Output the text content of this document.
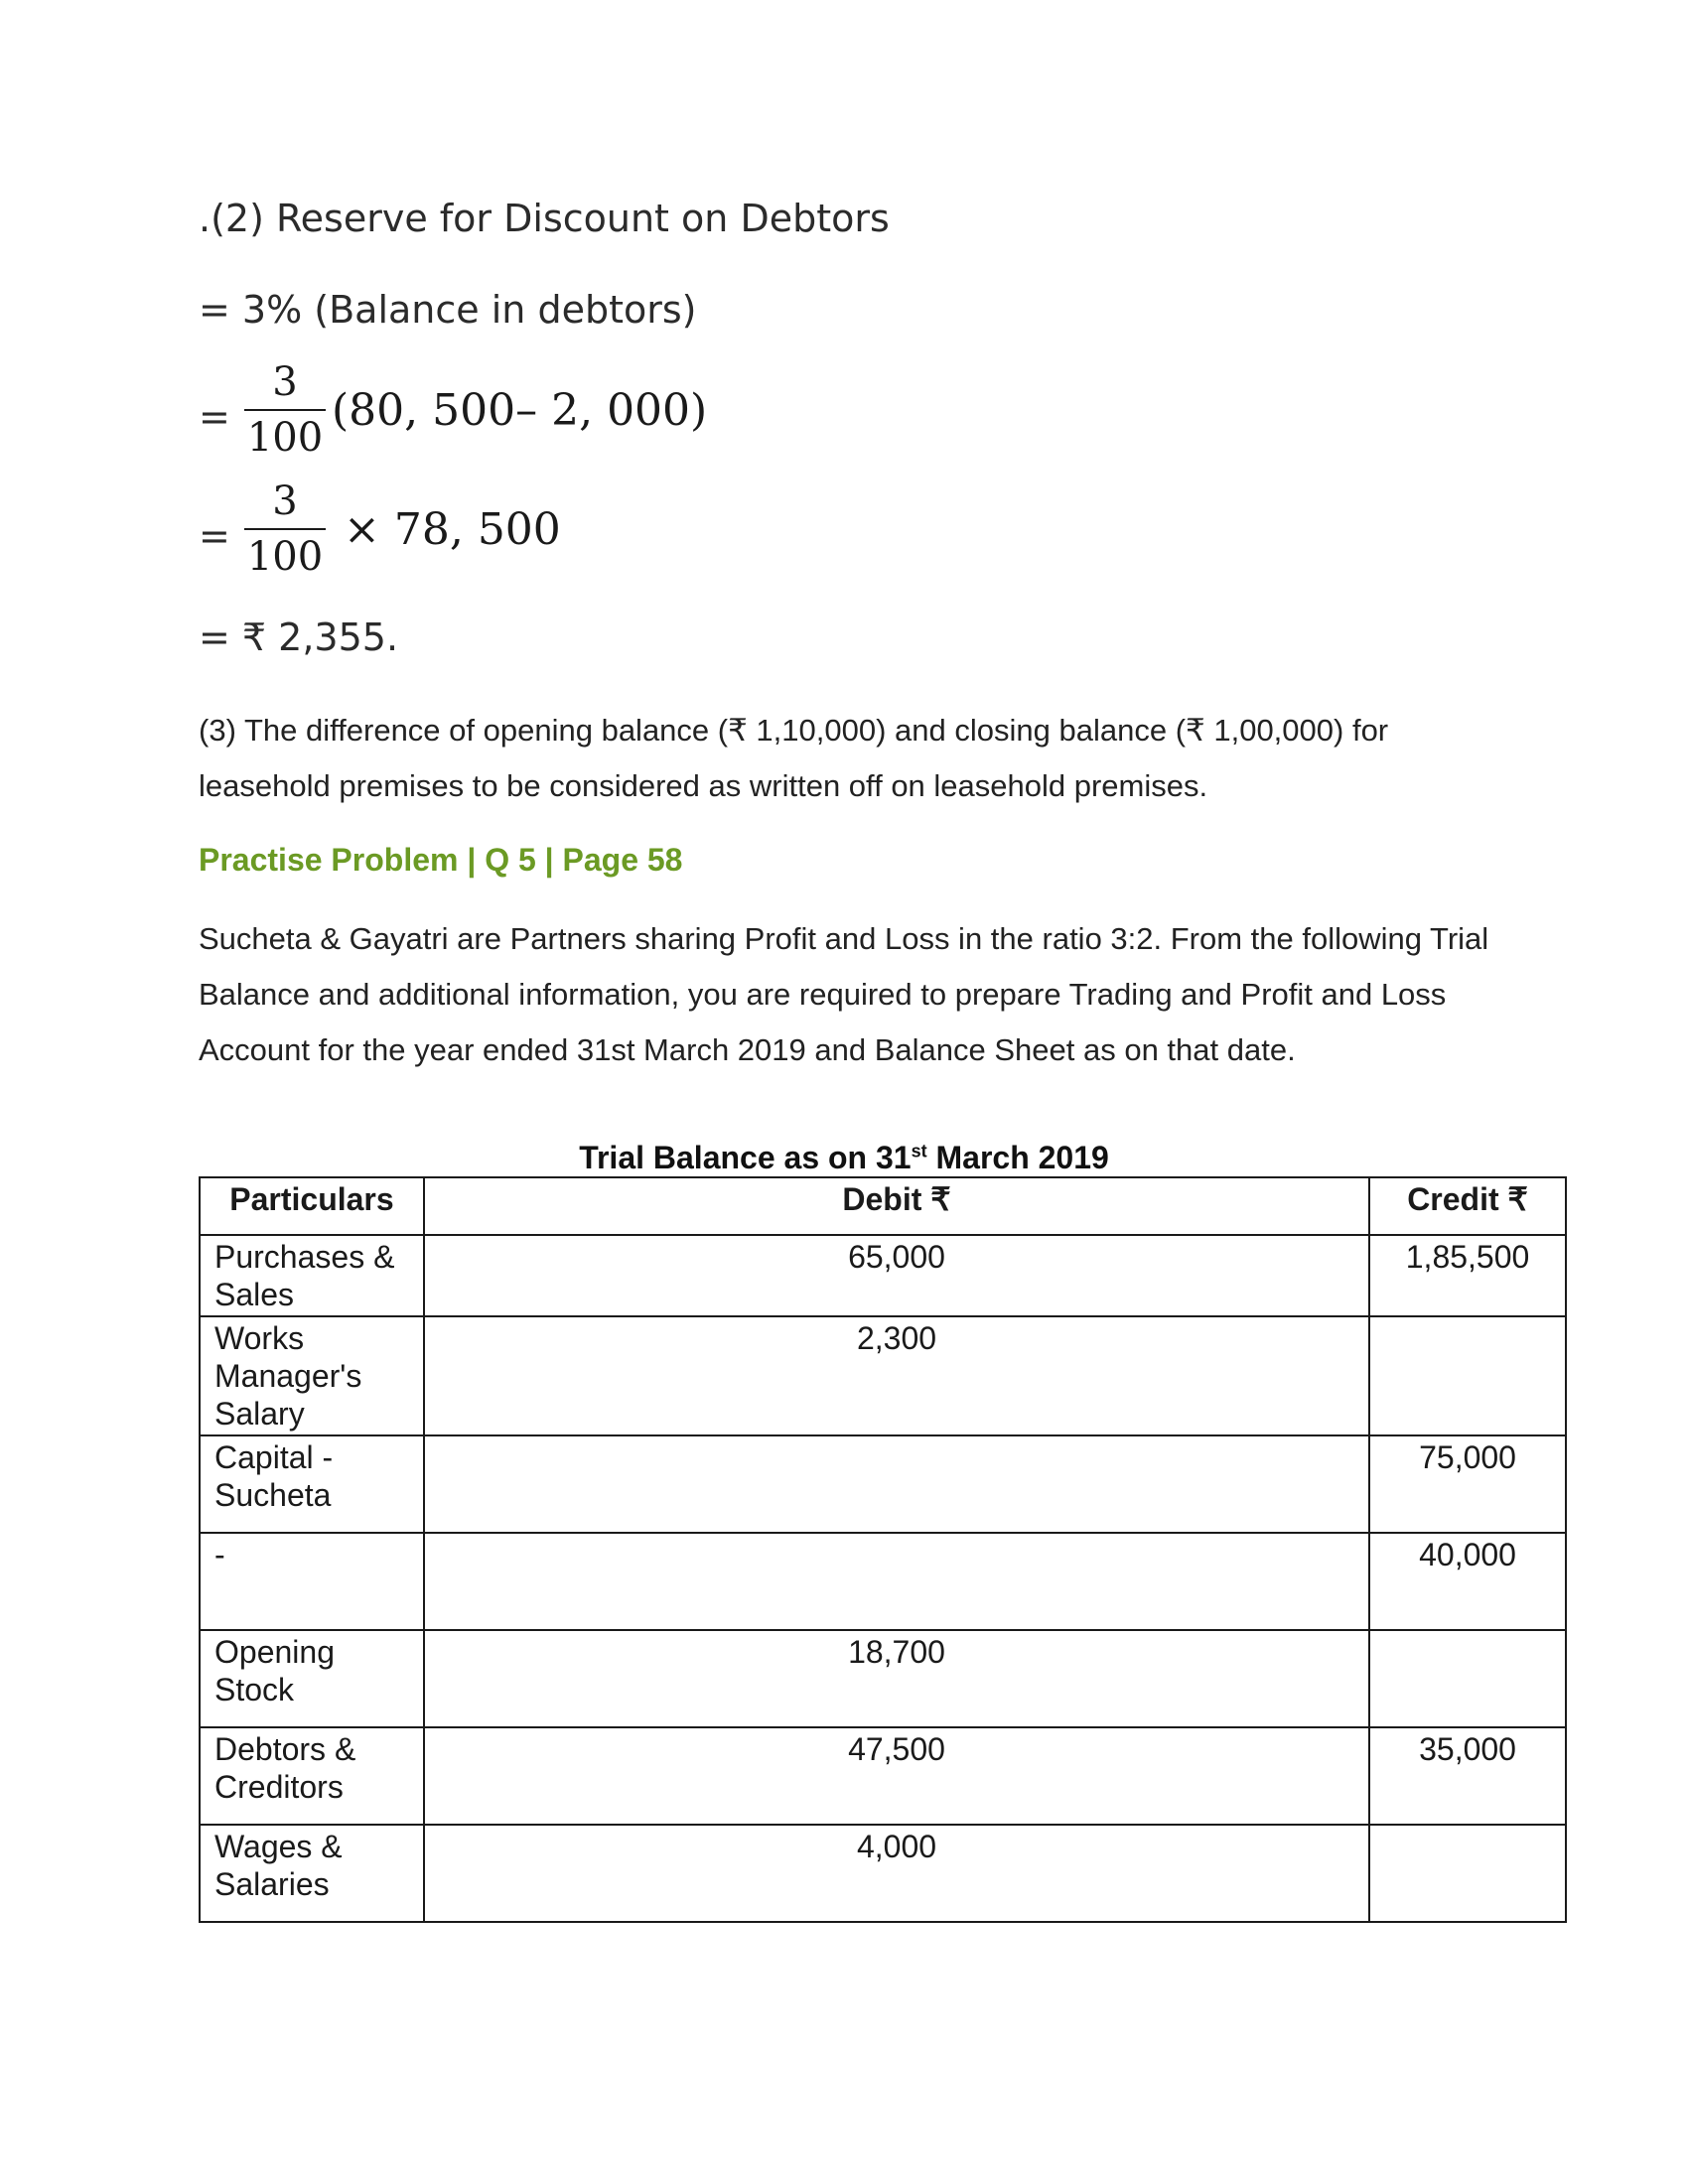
.(2) Reserve for Discount on Debtors
= 3% (Balance in debtors)
=
3
100
(80, 500– 2, 000)
=
3
100
× 78, 500
= ₹ 2,355.
(3) The difference of opening balance (₹ 1,10,000) and closing balance (₹ 1,00,000) for leasehold premises to be considered as written off on leasehold premises.
Practise Problem | Q 5 | Page 58
Sucheta & Gayatri are Partners sharing Profit and Loss in the ratio 3:2. From the following Trial Balance and additional information, you are required to prepare Trading and Profit and Loss Account for the year ended 31st March 2019 and Balance Sheet as on that date.
Trial Balance as on 31st March 2019
Particulars	Debit ₹	Credit ₹
Purchases & Sales	65,000	1,85,500
Works Manager's Salary	2,300	
Capital - Sucheta		75,000
-		40,000
Opening Stock	18,700	
Debtors & Creditors	47,500	35,000
Wages & Salaries	4,000	
